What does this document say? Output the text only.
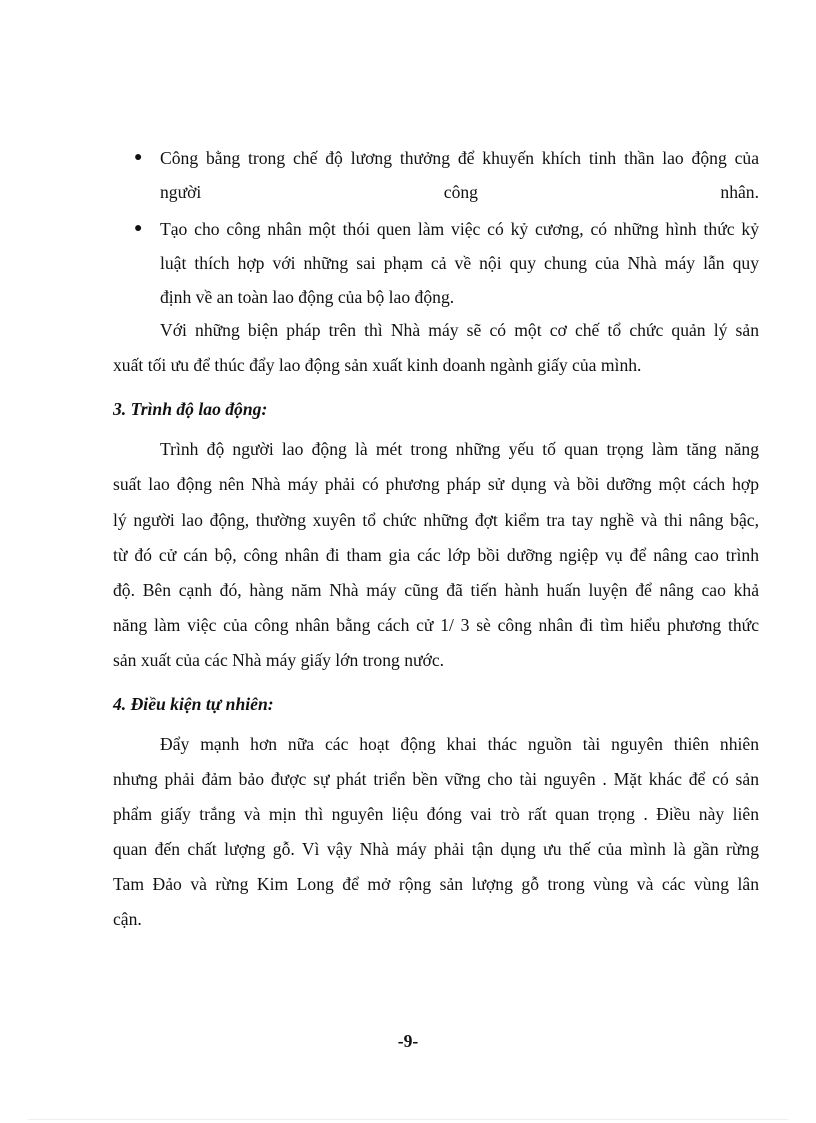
● Công bằng trong chế độ lương thưởng để khuyến khích tinh thần lao động của
người công nhân.
● Tạo cho công nhân một thói quen làm việc có kỷ cương, có những hình thức kỷ
luật thích hợp với những sai phạm cả về nội quy chung của Nhà máy lẫn quy
định về an toàn lao động của bộ lao động.
Với những biện pháp trên thì Nhà máy sẽ có một cơ chế tổ chức quản lý sản
xuất tối ưu để thúc đẩy lao động sản xuất kinh doanh ngành giấy của mình.
3. Trình độ lao động:
Trình độ người lao động là mét trong những yếu tố quan trọng làm tăng năng
suất lao động nên Nhà máy phải có phương pháp sử dụng và bồi dưỡng một cách hợp
lý người lao động, thường xuyên tổ chức những đợt kiểm tra tay nghề và thi nâng bậc,
từ đó cử cán bộ, công nhân đi tham gia các lớp bồi dưỡng ngiệp vụ để nâng cao trình
độ. Bên cạnh đó, hàng năm Nhà máy cũng đã tiến hành huấn luyện để nâng cao khả
năng làm việc của công nhân bằng cách cử 1/ 3 sè công nhân đi tìm hiểu phương thức
sản xuất của các Nhà máy giấy lớn trong nước.
4. Điều kiện tự nhiên:
Đẩy mạnh hơn nữa các hoạt động khai thác nguồn tài nguyên thiên nhiên
nhưng phải đảm bảo được sự phát triển bền vững cho tài nguyên . Mặt khác để có sản
phẩm giấy trắng và mịn thì nguyên liệu đóng vai trò rất quan trọng . Điều này liên
quan đến chất lượng gỗ. Vì vậy Nhà máy phải tận dụng ưu thế của mình là gần rừng
Tam Đảo và rừng Kim Long để mở rộng sản lượng gỗ trong vùng và các vùng lân
cận.
-9-
